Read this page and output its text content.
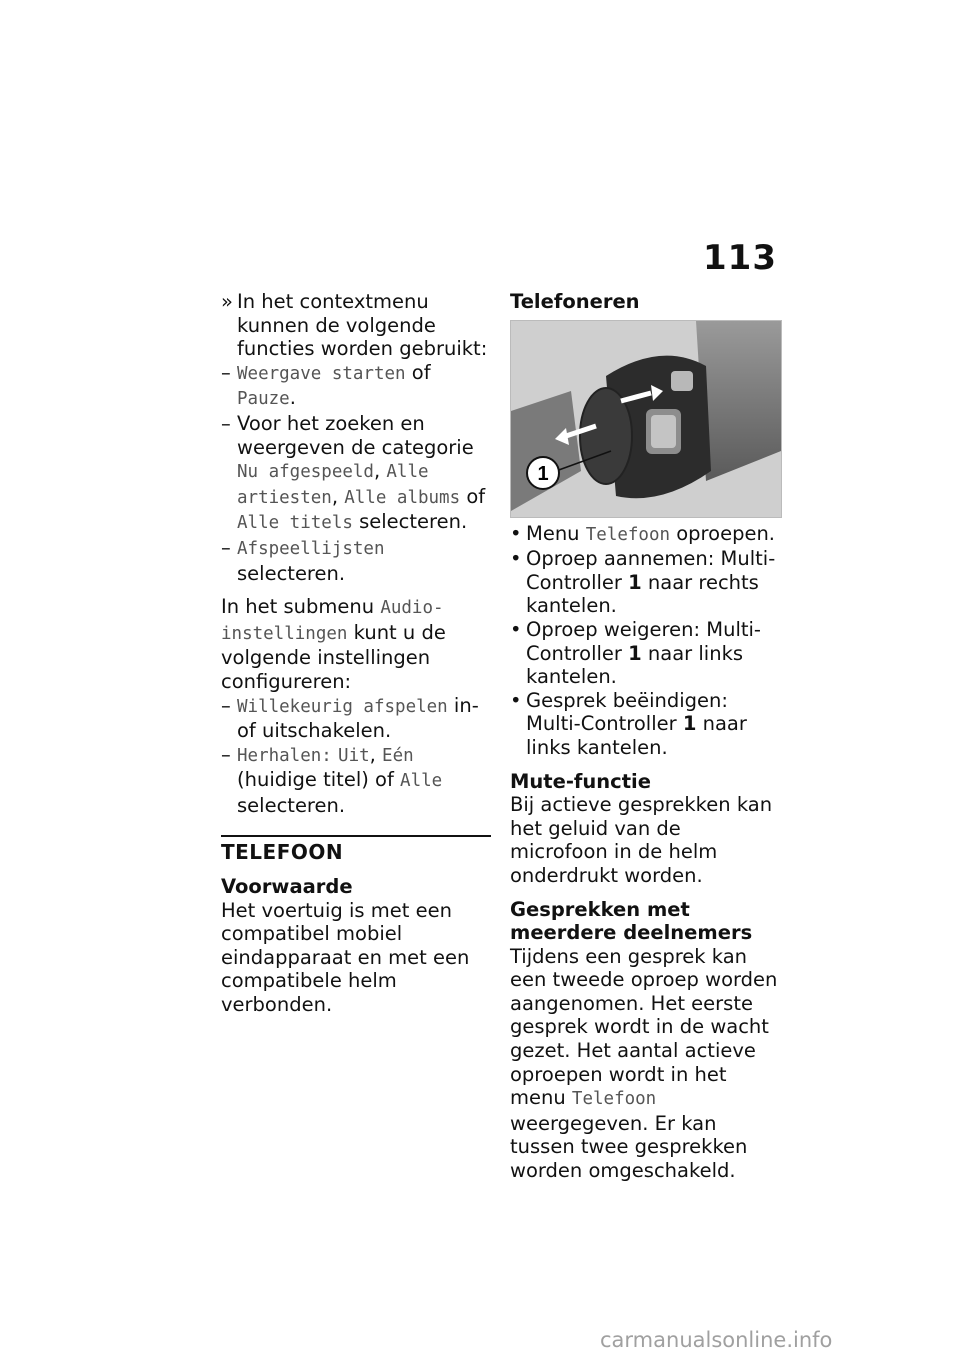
113
» In het contextmenu kunnen de volgende functies worden gebruikt:
– Weergave starten of Pauze.
– Voor het zoeken en weergeven de categorie Nu afgespeeld, Alle artiesten, Alle albums of Alle titels selecteren.
– Afspeellijsten selecteren.
In het submenu Audio-instellingen kunt u de volgende instellingen configureren:
– Willekeurig afspelen in- of uitschakelen.
– Herhalen: Uit, Eén (huidige titel) of Alle selecteren.
TELEFOON
Voorwaarde
Het voertuig is met een compatibel mobiel eindapparaat en met een compatibele helm verbonden.
Telefoneren
1
• Menu Telefoon oproepen.
• Oproep aannemen: Multi-Controller 1 naar rechts kantelen.
• Oproep weigeren: Multi-Controller 1 naar links kantelen.
• Gesprek beëindigen: Multi-Controller 1 naar links kantelen.
Mute-functie
Bij actieve gesprekken kan het geluid van de microfoon in de helm onderdrukt worden.
Gesprekken met meerdere deelnemers
Tijdens een gesprek kan een tweede oproep worden aangenomen. Het eerste gesprek wordt in de wacht gezet. Het aantal actieve oproepen wordt in het menu Telefoon weergegeven. Er kan tussen twee gesprekken worden omgeschakeld.
carmanualsonline.info
